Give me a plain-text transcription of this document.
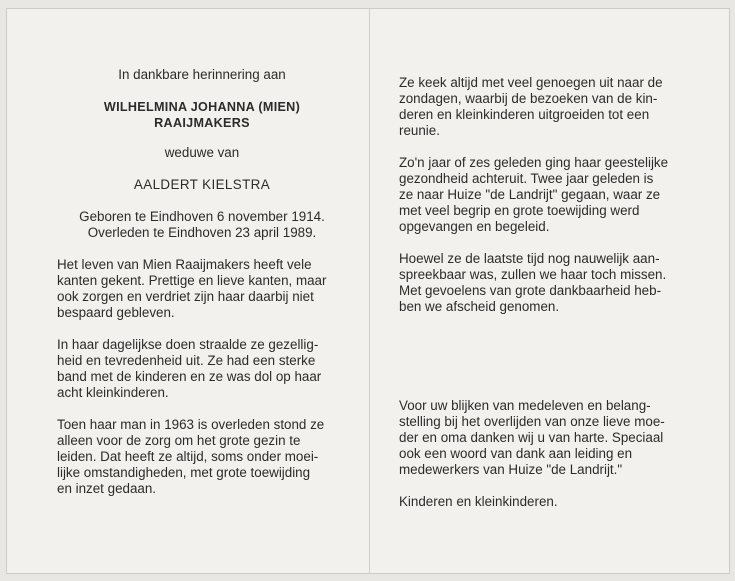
In dankbare herinnering aan

WILHELMINA JOHANNA (MIEN)

RAAIJMAKERS

weduwe van

AALDERT KIELSTRA

Geboren te Eindhoven 6 november 1914.

Overleden te Eindhoven 23 april 1989.

Het leven van Mien Raaijmakers heeft vele
kanten gekent. Prettige en lieve kanten, maar
ook zorgen en verdriet zijn haar daarbij niet
bespaard gebleven.

In haar dagelijkse doen straalde ze gezellig-
heid en tevredenheid uit. Ze had een sterke
band met de kinderen en ze was dol op haar
acht kleinkinderen.

Toen haar man in 1963 is overleden stond ze
alleen voor de zorg om het grote gezin te
leiden. Dat heeft ze altijd, soms onder moei-
lijke omstandigheden, met grote toewijding
en inzet gedaan.

Ze keek altijd met veel genoegen uit naar de
zondagen, waarbij de bezoeken van de kin-
deren en kleinkinderen uitgroeiden tot een
reunie.

Zo'n jaar of zes geleden ging haar geestelijke
gezondheid achteruit. Twee jaar geleden is
ze naar Huize "de Landrijt" gegaan, waar ze
met veel begrip en grote toewijding werd
opgevangen en begeleid.

Hoewel ze de laatste tijd nog nauwelijk aan-
spreekbaar was, zullen we haar toch missen.
Met gevoelens van grote dankbaarheid heb-
ben we afscheid genomen.

Voor uw blijken van medeleven en belang-
stelling bij het overlijden van onze lieve moe-
der en oma danken wij u van harte. Speciaal
ook een woord van dank aan leiding en
medewerkers van Huize "de Landrijt."

Kinderen en kleinkinderen.
